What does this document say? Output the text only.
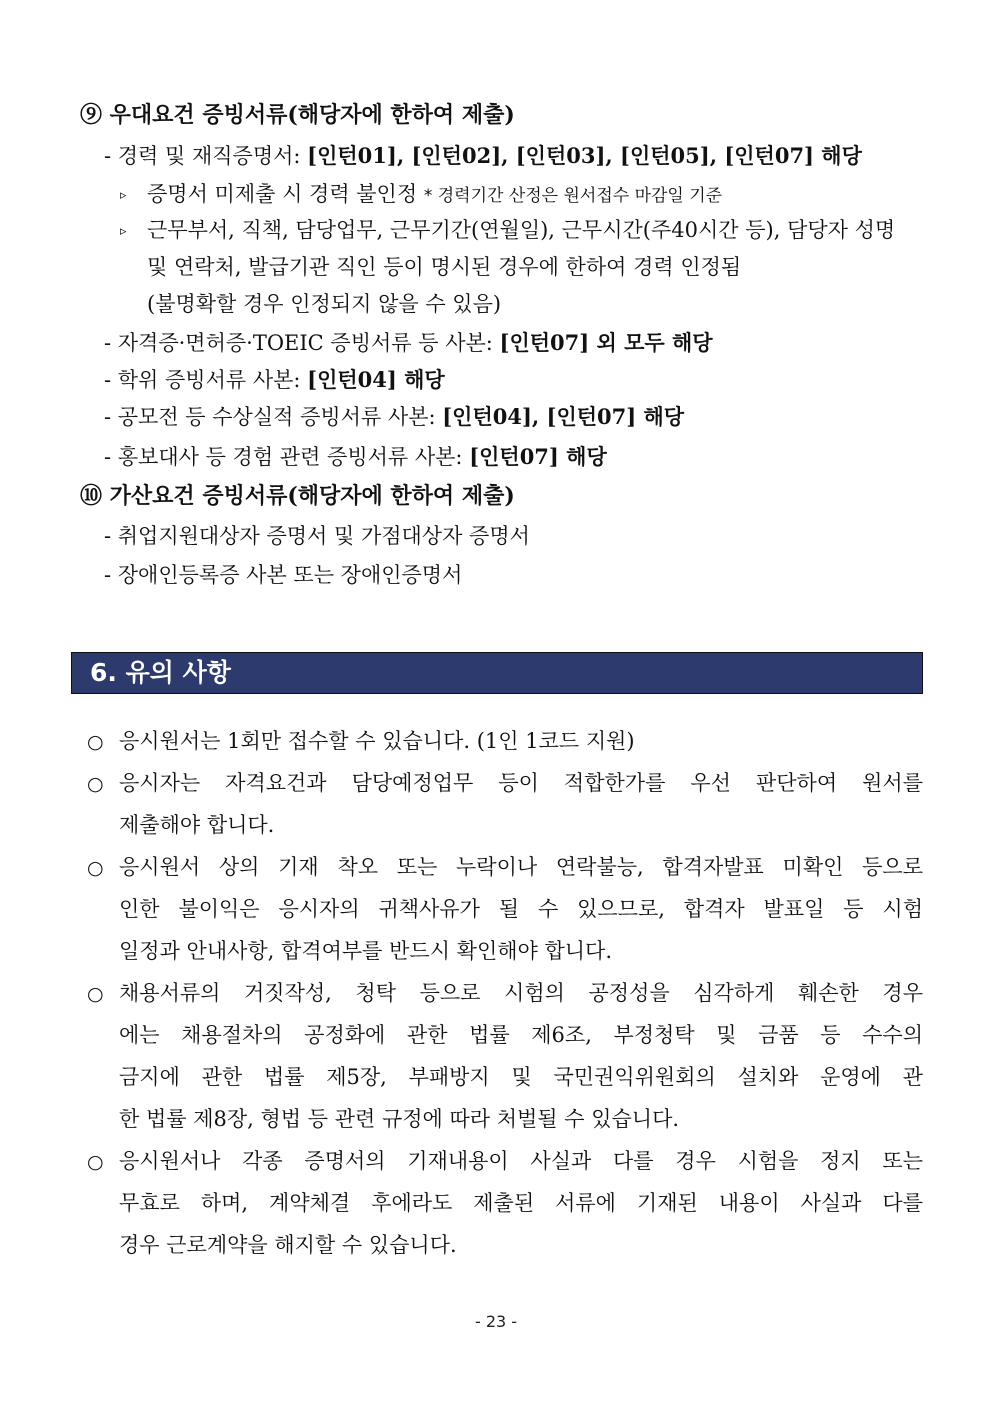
⑨ 우대요건 증빙서류(해당자에 한하여 제출)
- 경력 및 재직증명서: [인턴01], [인턴02], [인턴03], [인턴05], [인턴07] 해당
▹ 증명서 미제출 시 경력 불인정 * 경력기간 산정은 원서접수 마감일 기준
▹ 근무부서, 직책, 담당업무, 근무기간(연월일), 근무시간(주40시간 등), 담당자 성명
및 연락처, 발급기관 직인 등이 명시된 경우에 한하여 경력 인정됨
(불명확할 경우 인정되지 않을 수 있음)
- 자격증·면허증·TOEIC 증빙서류 등 사본: [인턴07] 외 모두 해당
- 학위 증빙서류 사본: [인턴04] 해당
- 공모전 등 수상실적 증빙서류 사본: [인턴04], [인턴07] 해당
- 홍보대사 등 경험 관련 증빙서류 사본: [인턴07] 해당
⑩ 가산요건 증빙서류(해당자에 한하여 제출)
- 취업지원대상자 증명서 및 가점대상자 증명서
- 장애인등록증 사본 또는 장애인증명서
6. 유의 사항
○ 응시원서는 1회만 접수할 수 있습니다. (1인 1코드 지원)
○ 응시자는 자격요건과 담당예정업무 등이 적합한가를 우선 판단하여 원서를
제출해야 합니다.
○ 응시원서 상의 기재 착오 또는 누락이나 연락불능, 합격자발표 미확인 등으로
인한 불이익은 응시자의 귀책사유가 될 수 있으므로, 합격자 발표일 등 시험
일정과 안내사항, 합격여부를 반드시 확인해야 합니다.
○ 채용서류의 거짓작성, 청탁 등으로 시험의 공정성을 심각하게 훼손한 경우
에는 채용절차의 공정화에 관한 법률 제6조, 부정청탁 및 금품 등 수수의
금지에 관한 법률 제5장, 부패방지 및 국민권익위원회의 설치와 운영에 관
한 법률 제8장, 형법 등 관련 규정에 따라 처벌될 수 있습니다.
○ 응시원서나 각종 증명서의 기재내용이 사실과 다를 경우 시험을 정지 또는
무효로 하며, 계약체결 후에라도 제출된 서류에 기재된 내용이 사실과 다를
경우 근로계약을 해지할 수 있습니다.
- 23 -
